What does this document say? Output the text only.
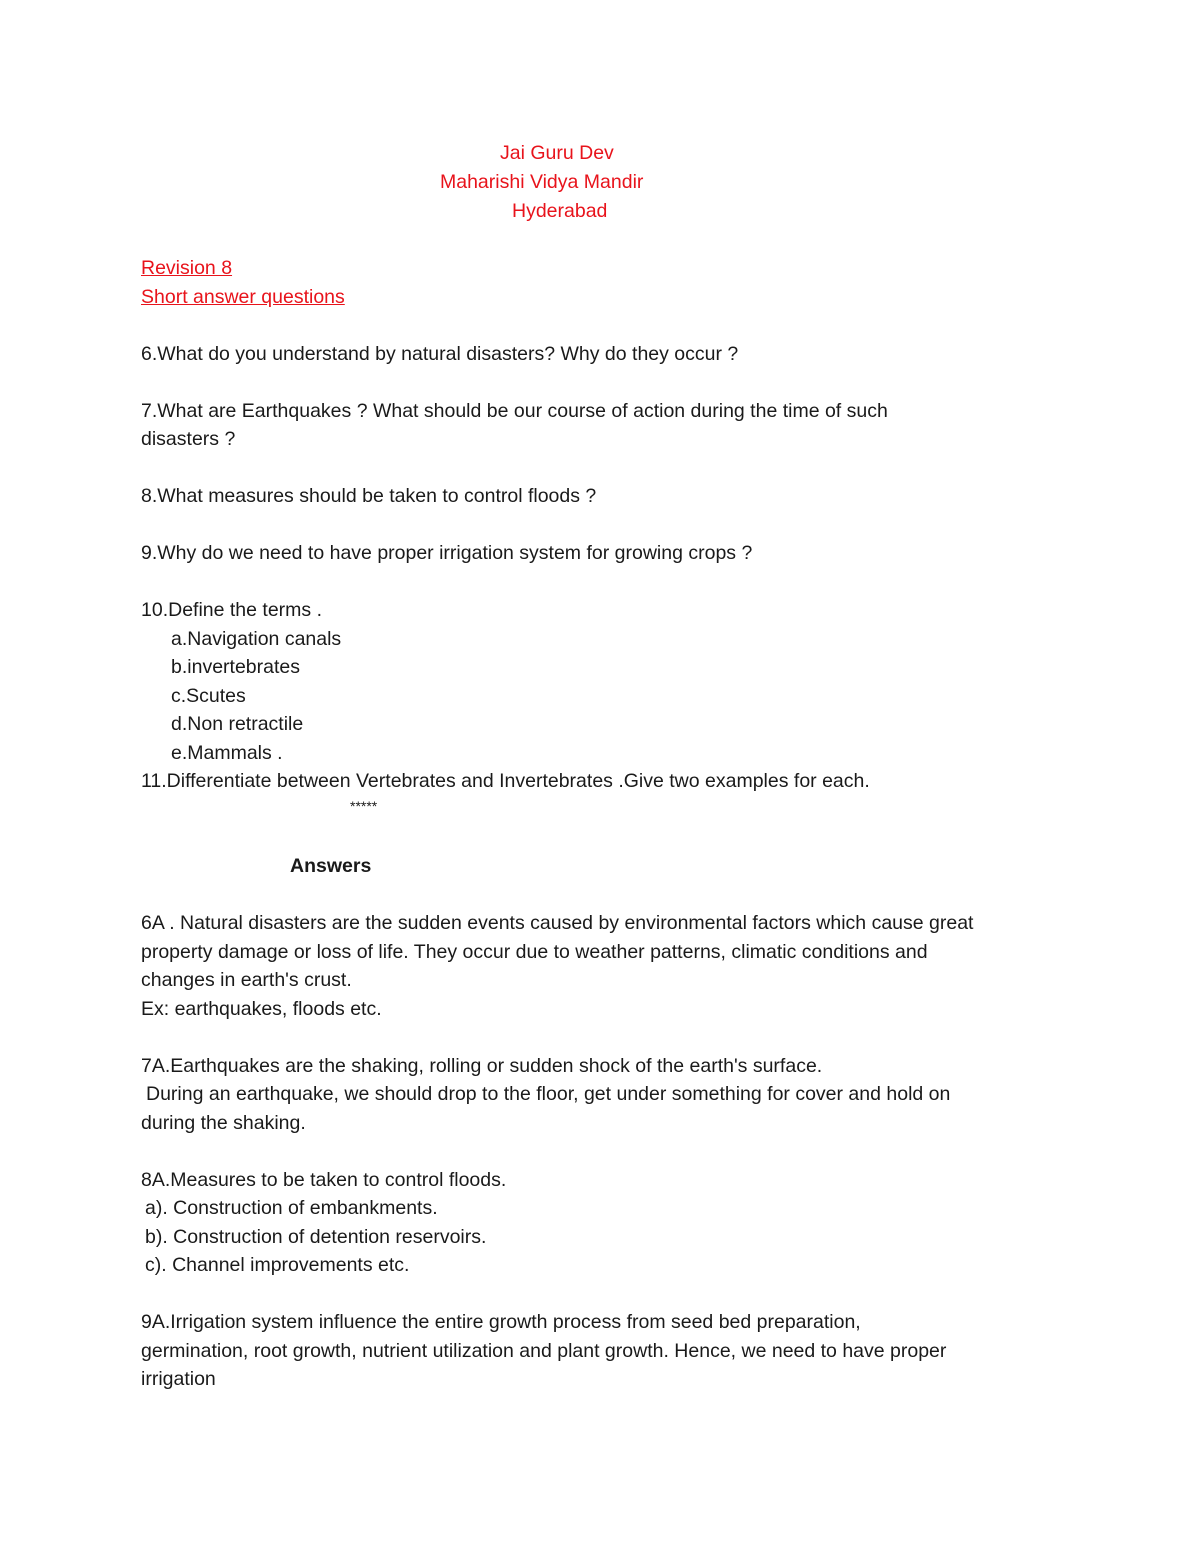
Jai Guru Dev
Maharishi Vidya Mandir
Hyderabad
Revision 8
Short answer questions
6.What do you understand by natural disasters? Why do they occur ?
7.What are Earthquakes ? What should be our course of action during the time of such
disasters ?
8.What measures should be taken to control floods ?
9.Why do we need to have proper irrigation system for growing crops ?
10.Define the terms .
a.Navigation canals
b.invertebrates
c.Scutes
d.Non retractile
e.Mammals .
11.Differentiate between Vertebrates and Invertebrates .Give two examples for each.
*****
Answers
6A . Natural disasters are the sudden events caused by environmental factors which cause great
property damage or loss of life. They occur due to weather patterns, climatic conditions and
changes in earth's crust.
Ex: earthquakes, floods etc.
7A.Earthquakes are the shaking, rolling or sudden shock of the earth's surface.
During an earthquake, we should drop to the floor, get under something for cover and hold on
during the shaking.
8A.Measures to be taken to control floods.
a). Construction of embankments.
b). Construction of detention reservoirs.
c). Channel improvements etc.
9A.Irrigation system influence the entire growth process from seed bed preparation,
germination, root growth, nutrient utilization and plant growth. Hence, we need to have proper
irrigation
